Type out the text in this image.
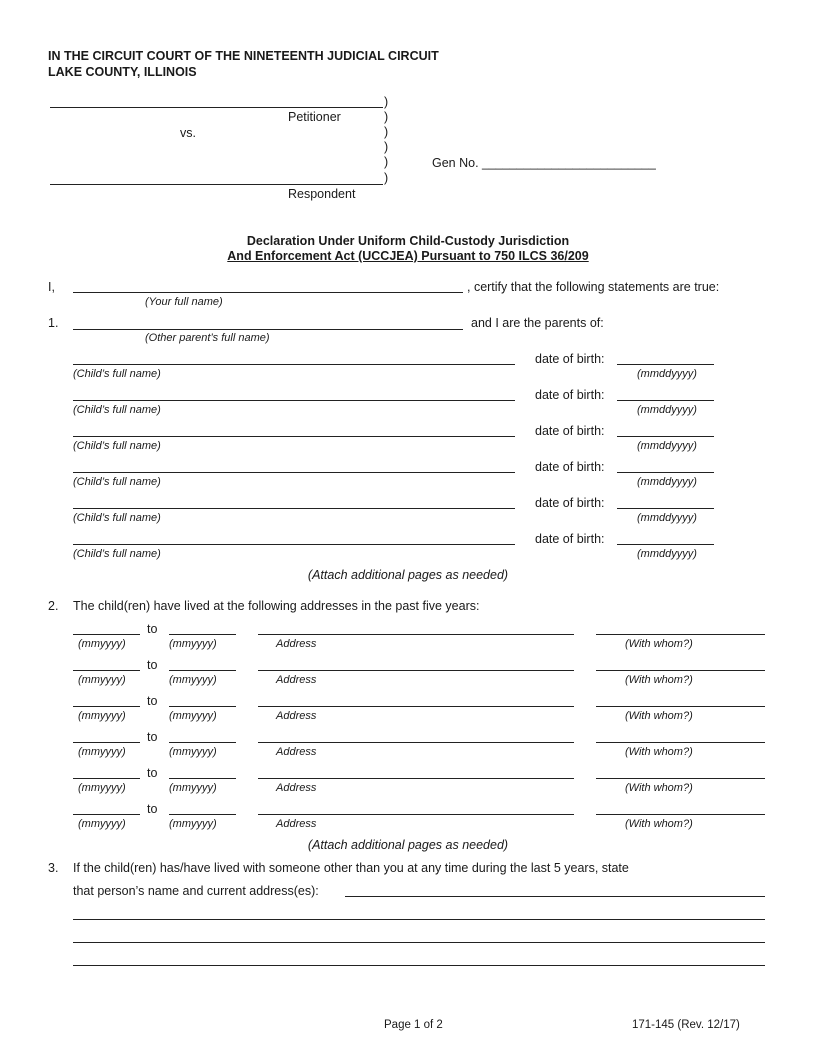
IN THE CIRCUIT COURT OF THE NINETEENTH JUDICIAL CIRCUIT
LAKE COUNTY, ILLINOIS
Petitioner
vs.
Respondent
)
)
)
)
)
)
Gen No. _________________________
Declaration Under Uniform Child-Custody Jurisdiction
And Enforcement Act (UCCJEA) Pursuant to 750 ILCS 36/209
I,	, certify that the following statements are true:
(Your full name)
1.	and I are the parents of:
(Other parent’s full name)
date of birth:
(Child’s full name)	(mmddyyyy)
date of birth:
(Child’s full name)	(mmddyyyy)
date of birth:
(Child’s full name)	(mmddyyyy)
date of birth:
(Child’s full name)	(mmddyyyy)
date of birth:
(Child’s full name)	(mmddyyyy)
date of birth:
(Child’s full name)	(mmddyyyy)
(Attach additional pages as needed)
2. The child(ren) have lived at the following addresses in the past five years:
to
(mmyyyy)	(mmyyyy)	Address	(With whom?)
to
(mmyyyy)	(mmyyyy)	Address	(With whom?)
to
(mmyyyy)	(mmyyyy)	Address	(With whom?)
to
(mmyyyy)	(mmyyyy)	Address	(With whom?)
to
(mmyyyy)	(mmyyyy)	Address	(With whom?)
to
(mmyyyy)	(mmyyyy)	Address	(With whom?)
(Attach additional pages as needed)
3. If the child(ren) has/have lived with someone other than you at any time during the last 5 years, state
that person’s name and current address(es):
Page 1 of 2	171-145 (Rev. 12/17)
